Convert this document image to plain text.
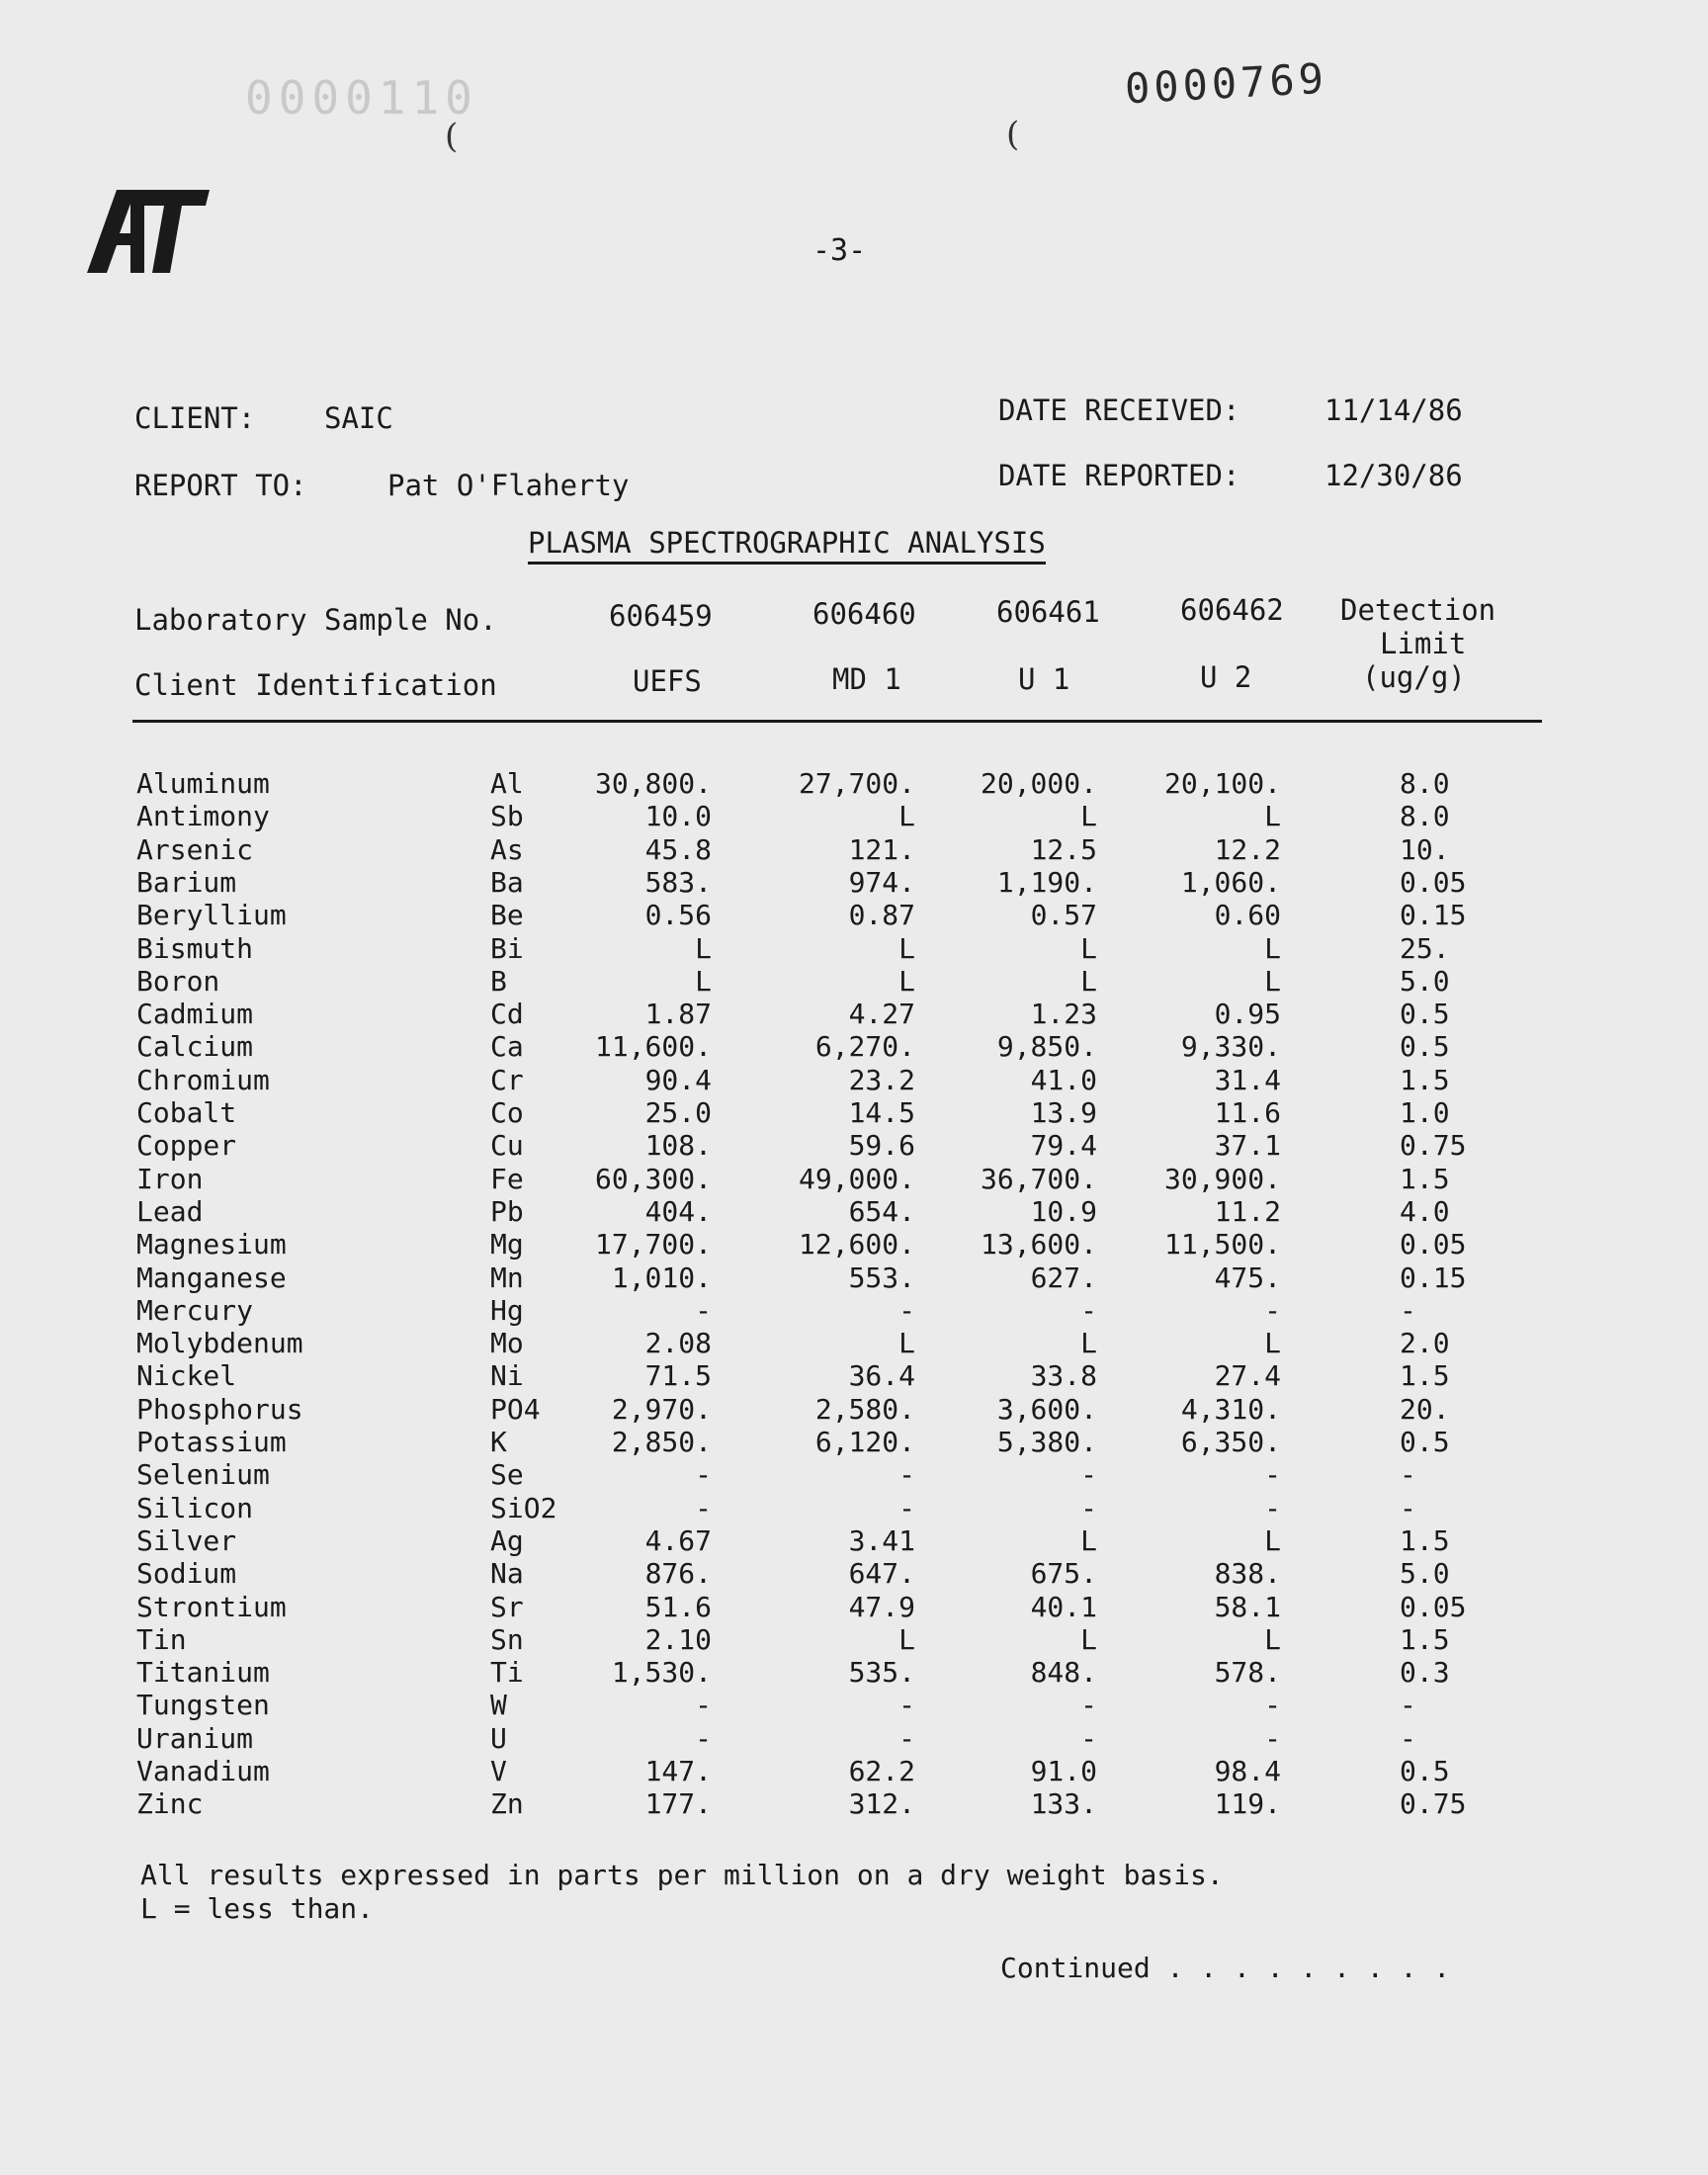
0000110	0000769
(	(
-3-
CLIENT: SAIC
REPORT TO:	Pat O'Flaherty
DATE RECEIVED:	11/14/86
DATE REPORTED:	12/30/86
PLASMA SPECTROGRAPHIC ANALYSIS
Laboratory Sample No.
Client Identification
606459	606460	606461	606462
UEFS	MD 1	U 1	U 2
Detection
Limit
(ug/g)
Aluminum	Al	30,800.	27,700.	20,000.	20,100.	8.0
Antimony	Sb	10.0	L	L	L	8.0
Arsenic	As	45.8	121.	12.5	12.2	10.
Barium	Ba	583.	974.	1,190.	1,060.	0.05
Beryllium	Be	0.56	0.87	0.57	0.60	0.15
Bismuth	Bi	L	L	L	L	25.
Boron	B	L	L	L	L	5.0
Cadmium	Cd	1.87	4.27	1.23	0.95	0.5
Calcium	Ca	11,600.	6,270.	9,850.	9,330.	0.5
Chromium	Cr	90.4	23.2	41.0	31.4	1.5
Cobalt	Co	25.0	14.5	13.9	11.6	1.0
Copper	Cu	108.	59.6	79.4	37.1	0.75
Iron	Fe	60,300.	49,000.	36,700.	30,900.	1.5
Lead	Pb	404.	654.	10.9	11.2	4.0
Magnesium	Mg	17,700.	12,600.	13,600.	11,500.	0.05
Manganese	Mn	1,010.	553.	627.	475.	0.15
Mercury	Hg	-	-	-	-	-
Molybdenum	Mo	2.08	L	L	L	2.0
Nickel	Ni	71.5	36.4	33.8	27.4	1.5
Phosphorus	PO4	2,970.	2,580.	3,600.	4,310.	20.
Potassium	K	2,850.	6,120.	5,380.	6,350.	0.5
Selenium	Se	-	-	-	-	-
Silicon	SiO2	-	-	-	-	-
Silver	Ag	4.67	3.41	L	L	1.5
Sodium	Na	876.	647.	675.	838.	5.0
Strontium	Sr	51.6	47.9	40.1	58.1	0.05
Tin	Sn	2.10	L	L	L	1.5
Titanium	Ti	1,530.	535.	848.	578.	0.3
Tungsten	W	-	-	-	-	-
Uranium	U	-	-	-	-	-
Vanadium	V	147.	62.2	91.0	98.4	0.5
Zinc	Zn	177.	312.	133.	119.	0.75
All results expressed in parts per million on a dry weight basis.
L = less than.
Continued . . . . . . . . .
